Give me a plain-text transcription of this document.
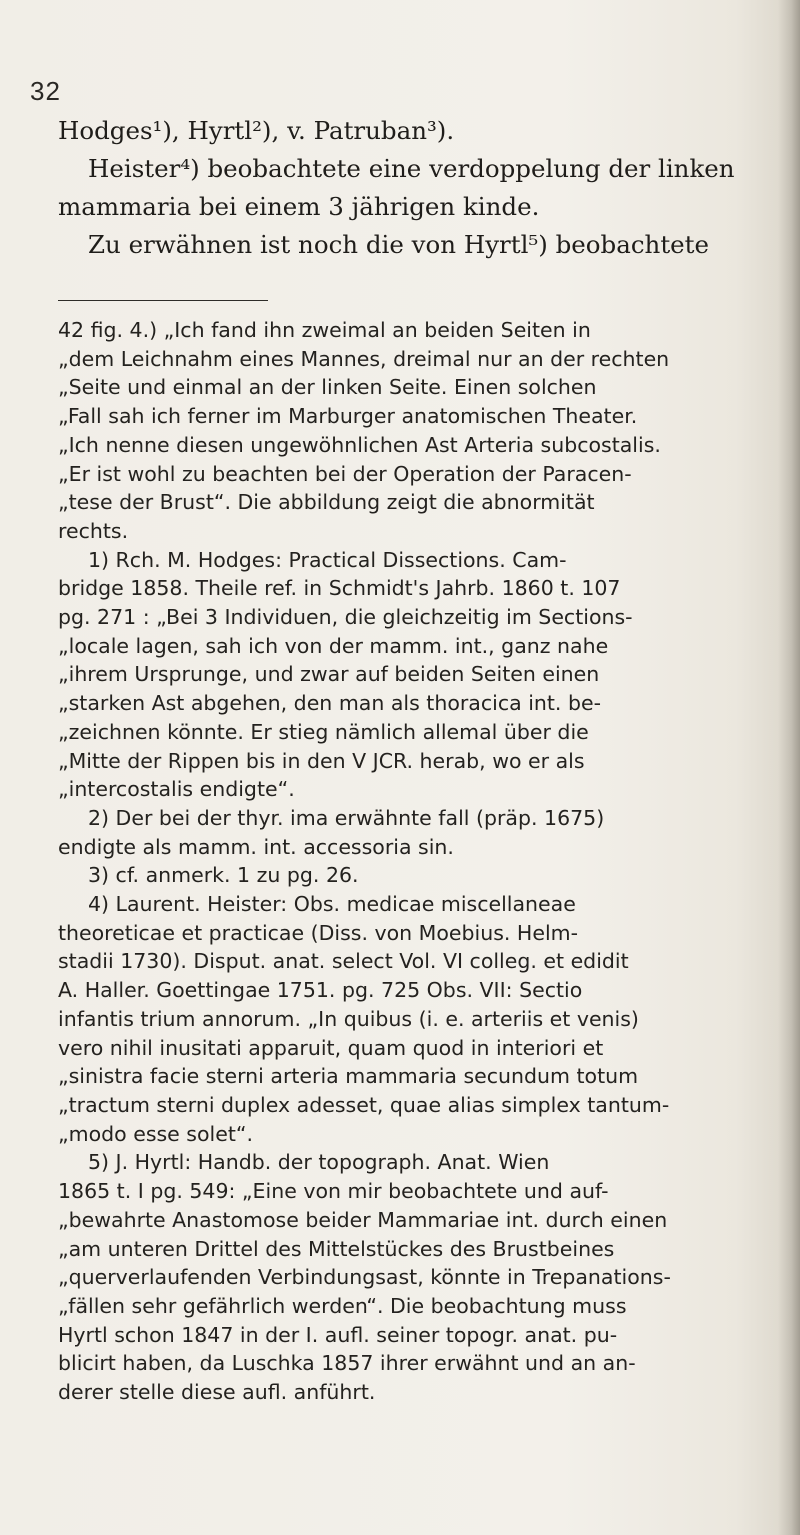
32

Hodges¹), Hyrtl²), v. Patruban³).

Heister⁴) beobachtete eine verdoppelung der linken

mammaria bei einem 3 jährigen kinde.

Zu erwähnen ist noch die von Hyrtl⁵) beobachtete

42 fig. 4.) „Ich fand ihn zweimal an beiden Seiten in

„dem Leichnahm eines Mannes, dreimal nur an der rechten

„Seite und einmal an der linken Seite. Einen solchen

„Fall sah ich ferner im Marburger anatomischen Theater.

„Ich nenne diesen ungewöhnlichen Ast Arteria subcostalis.

„Er ist wohl zu beachten bei der Operation der Paracen-

„tese der Brust“. Die abbildung zeigt die abnormität

rechts.

1) Rch. M. Hodges: Practical Dissections. Cam-

bridge 1858. Theile ref. in Schmidt's Jahrb. 1860 t. 107

pg. 271 : „Bei 3 Individuen, die gleichzeitig im Sections-

„locale lagen, sah ich von der mamm. int., ganz nahe

„ihrem Ursprunge, und zwar auf beiden Seiten einen

„starken Ast abgehen, den man als thoracica int. be-

„zeichnen könnte. Er stieg nämlich allemal über die

„Mitte der Rippen bis in den V JCR. herab, wo er als

„intercostalis endigte“.

2) Der bei der thyr. ima erwähnte fall (präp. 1675)

endigte als mamm. int. accessoria sin.

3) cf. anmerk. 1 zu pg. 26.

4) Laurent. Heister: Obs. medicae miscellaneae

theoreticae et practicae (Diss. von Moebius. Helm-

stadii 1730). Disput. anat. select Vol. VI colleg. et edidit

A. Haller. Goettingae 1751. pg. 725 Obs. VII: Sectio

infantis trium annorum. „In quibus (i. e. arteriis et venis)

vero nihil inusitati apparuit, quam quod in interiori et

„sinistra facie sterni arteria mammaria secundum totum

„tractum sterni duplex adesset, quae alias simplex tantum-

„modo esse solet“.

5) J. Hyrtl: Handb. der topograph. Anat. Wien

1865 t. I pg. 549: „Eine von mir beobachtete und auf-

„bewahrte Anastomose beider Mammariae int. durch einen

„am unteren Drittel des Mittelstückes des Brustbeines

„querverlaufenden Verbindungsast, könnte in Trepanations-

„fällen sehr gefährlich werden“. Die beobachtung muss

Hyrtl schon 1847 in der I. aufl. seiner topogr. anat. pu-

blicirt haben, da Luschka 1857 ihrer erwähnt und an an-

derer stelle diese aufl. anführt.
